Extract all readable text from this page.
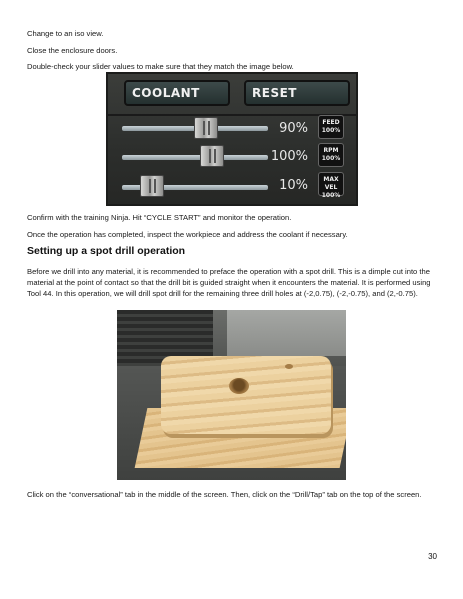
Change to an iso view.

Close the enclosure doors.

Double-check your slider values to make sure that they match the image below.

COOLANT	RESET
90%	FEED
100%
100%	RPM
100%
10%	MAX VEL
100%

Confirm with the training Ninja. Hit “CYCLE START” and monitor the operation.

Once the operation has completed, inspect the workpiece and address the coolant if necessary.

Setting up a spot drill operation

Before we drill into any material, it is recommended to preface the operation with a spot drill. This is a dimple cut into the material at the point of contact so that the drill bit is guided straight when it encounters the material. It is performed using Tool 44. In this operation, we will drill spot drill for the remaining three drill holes at (-2,0.75), (-2,-0.75), and (2,-0.75).

Click on the “conversational” tab in the middle of the screen. Then, click on the “Drill/Tap” tab on the top of the screen.

30
